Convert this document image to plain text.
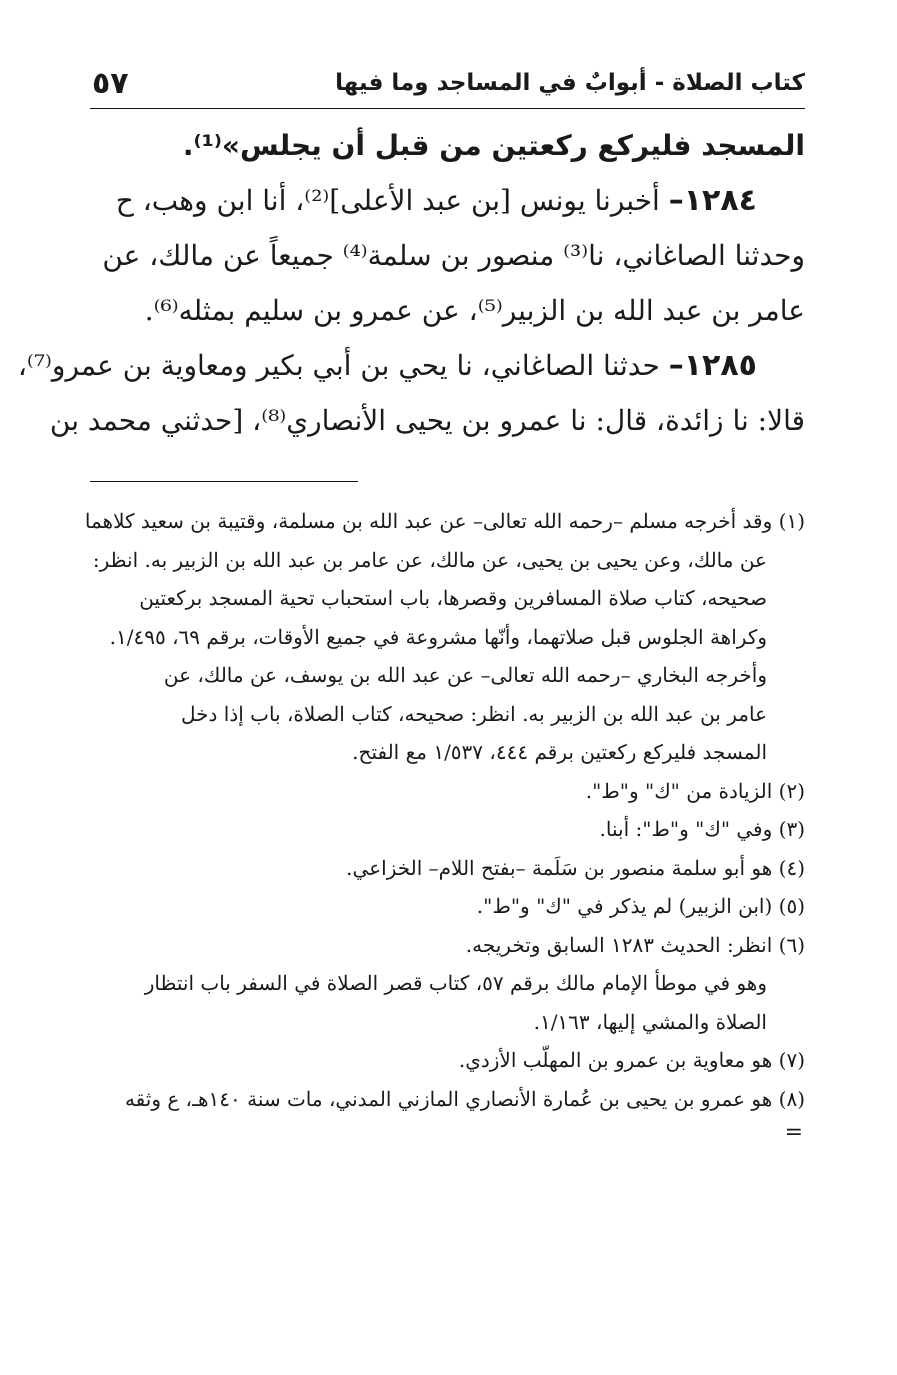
كتاب الصلاة - أبوابٌ في المساجد وما فيها
٥٧
المسجد فليركع ركعتين من قبل أن يجلس»⁽¹⁾.
١٢٨٤– أخبرنا يونس [بن عبد الأعلى]⁽²⁾، أنا ابن وهب، ح
وحدثنا الصاغاني، نا⁽³⁾ منصور بن سلمة⁽⁴⁾ جميعاً عن مالك، عن
عامر بن عبد الله بن الزبير⁽⁵⁾، عن عمرو بن سليم بمثله⁽⁶⁾.
١٢٨٥– حدثنا الصاغاني، نا يحي بن أبي بكير ومعاوية بن عمرو⁽⁷⁾،
قالا: نا زائدة، قال: نا عمرو بن يحيى الأنصاري⁽⁸⁾، [حدثني محمد بن
(١) وقد أخرجه مسلم –رحمه الله تعالى– عن عبد الله بن مسلمة، وقتيبة بن سعيد كلاهما
عن مالك، وعن يحيى بن يحيى، عن مالك، عن عامر بن عبد الله بن الزبير به. انظر:
صحيحه، كتاب صلاة المسافرين وقصرها، باب استحباب تحية المسجد بركعتين
وكراهة الجلوس قبل صلاتهما، وأنّها مشروعة في جميع الأوقات، برقم ٦٩، ١/٤٩٥.
وأخرجه البخاري –رحمه الله تعالى– عن عبد الله بن يوسف، عن مالك، عن
عامر بن عبد الله بن الزبير به. انظر: صحيحه، كتاب الصلاة، باب إذا دخل
المسجد فليركع ركعتين برقم ٤٤٤، ١/٥٣٧ مع الفتح.
(٢) الزيادة من "ك" و"ط".
(٣) وفي "ك" و"ط": أبنا.
(٤) هو أبو سلمة منصور بن سَلَمة –بفتح اللام– الخزاعي.
(٥) (ابن الزبير) لم يذكر في "ك" و"ط".
(٦) انظر: الحديث ١٢٨٣ السابق وتخريجه.
وهو في موطأ الإمام مالك برقم ٥٧، كتاب قصر الصلاة في السفر باب انتظار
الصلاة والمشي إليها، ١/١٦٣.
(٧) هو معاوية بن عمرو بن المهلّب الأزدي.
(٨) هو عمرو بن يحيى بن عُمارة الأنصاري المازني المدني، مات سنة ١٤٠هـ، ع وثقه
=
